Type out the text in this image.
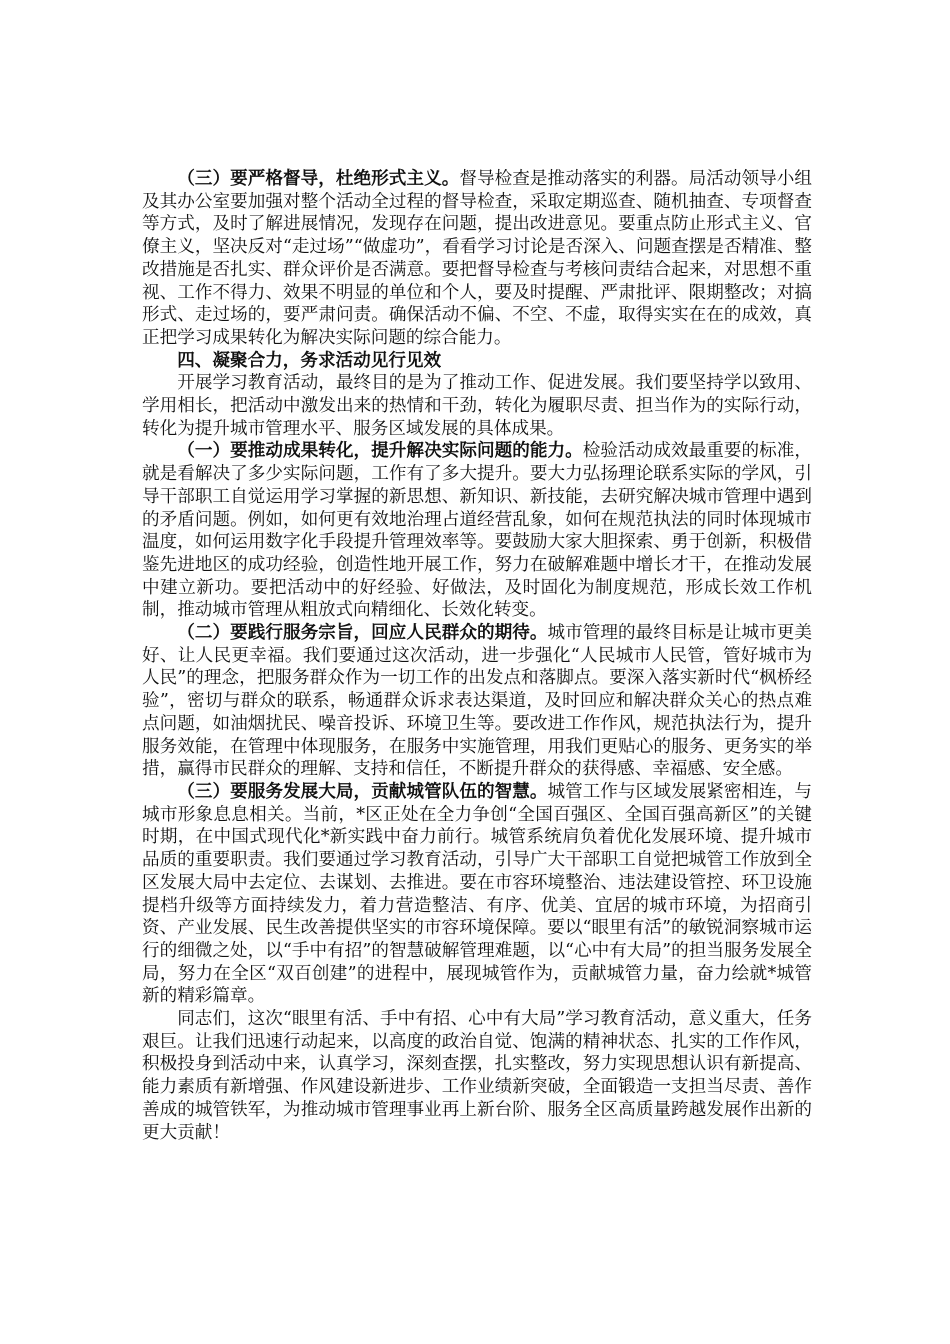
（三）要严格督导，杜绝形式主义。督导检查是推动落实的利器。局活动领导小组及其办公室要加强对整个活动全过程的督导检查，采取定期巡查、随机抽查、专项督查等方式，及时了解进展情况，发现存在问题，提出改进意见。要重点防止形式主义、官僚主义，坚决反对“走过场”“做虚功”，看看学习讨论是否深入、问题查摆是否精准、整改措施是否扎实、群众评价是否满意。要把督导检查与考核问责结合起来，对思想不重视、工作不得力、效果不明显的单位和个人，要及时提醒、严肃批评、限期整改；对搞形式、走过场的，要严肃问责。确保活动不偏、不空、不虚，取得实实在在的成效，真正把学习成果转化为解决实际问题的综合能力。

四、凝聚合力，务求活动见行见效

开展学习教育活动，最终目的是为了推动工作、促进发展。我们要坚持学以致用、学用相长，把活动中激发出来的热情和干劲，转化为履职尽责、担当作为的实际行动，转化为提升城市管理水平、服务区域发展的具体成果。

（一）要推动成果转化，提升解决实际问题的能力。检验活动成效最重要的标准，就是看解决了多少实际问题，工作有了多大提升。要大力弘扬理论联系实际的学风，引导干部职工自觉运用学习掌握的新思想、新知识、新技能，去研究解决城市管理中遇到的矛盾问题。例如，如何更有效地治理占道经营乱象，如何在规范执法的同时体现城市温度，如何运用数字化手段提升管理效率等。要鼓励大家大胆探索、勇于创新，积极借鉴先进地区的成功经验，创造性地开展工作，努力在破解难题中增长才干，在推动发展中建立新功。要把活动中的好经验、好做法，及时固化为制度规范，形成长效工作机制，推动城市管理从粗放式向精细化、长效化转变。

（二）要践行服务宗旨，回应人民群众的期待。城市管理的最终目标是让城市更美好、让人民更幸福。我们要通过这次活动，进一步强化“人民城市人民管，管好城市为人民”的理念，把服务群众作为一切工作的出发点和落脚点。要深入落实新时代“枫桥经验”，密切与群众的联系，畅通群众诉求表达渠道，及时回应和解决群众关心的热点难点问题，如油烟扰民、噪音投诉、环境卫生等。要改进工作作风，规范执法行为，提升服务效能，在管理中体现服务，在服务中实施管理，用我们更贴心的服务、更务实的举措，赢得市民群众的理解、支持和信任，不断提升群众的获得感、幸福感、安全感。

（三）要服务发展大局，贡献城管队伍的智慧。城管工作与区域发展紧密相连，与城市形象息息相关。当前，*区正处在全力争创“全国百强区、全国百强高新区”的关键时期，在中国式现代化*新实践中奋力前行。城管系统肩负着优化发展环境、提升城市品质的重要职责。我们要通过学习教育活动，引导广大干部职工自觉把城管工作放到全区发展大局中去定位、去谋划、去推进。要在市容环境整治、违法建设管控、环卫设施提档升级等方面持续发力，着力营造整洁、有序、优美、宜居的城市环境，为招商引资、产业发展、民生改善提供坚实的市容环境保障。要以“眼里有活”的敏锐洞察城市运行的细微之处，以“手中有招”的智慧破解管理难题，以“心中有大局”的担当服务发展全局，努力在全区“双百创建”的进程中，展现城管作为，贡献城管力量，奋力绘就*城管新的精彩篇章。

同志们，这次“眼里有活、手中有招、心中有大局”学习教育活动，意义重大，任务艰巨。让我们迅速行动起来，以高度的政治自觉、饱满的精神状态、扎实的工作作风，积极投身到活动中来，认真学习，深刻查摆，扎实整改，努力实现思想认识有新提高、能力素质有新增强、作风建设新进步、工作业绩新突破，全面锻造一支担当尽责、善作善成的城管铁军，为推动城市管理事业再上新台阶、服务全区高质量跨越发展作出新的更大贡献！
